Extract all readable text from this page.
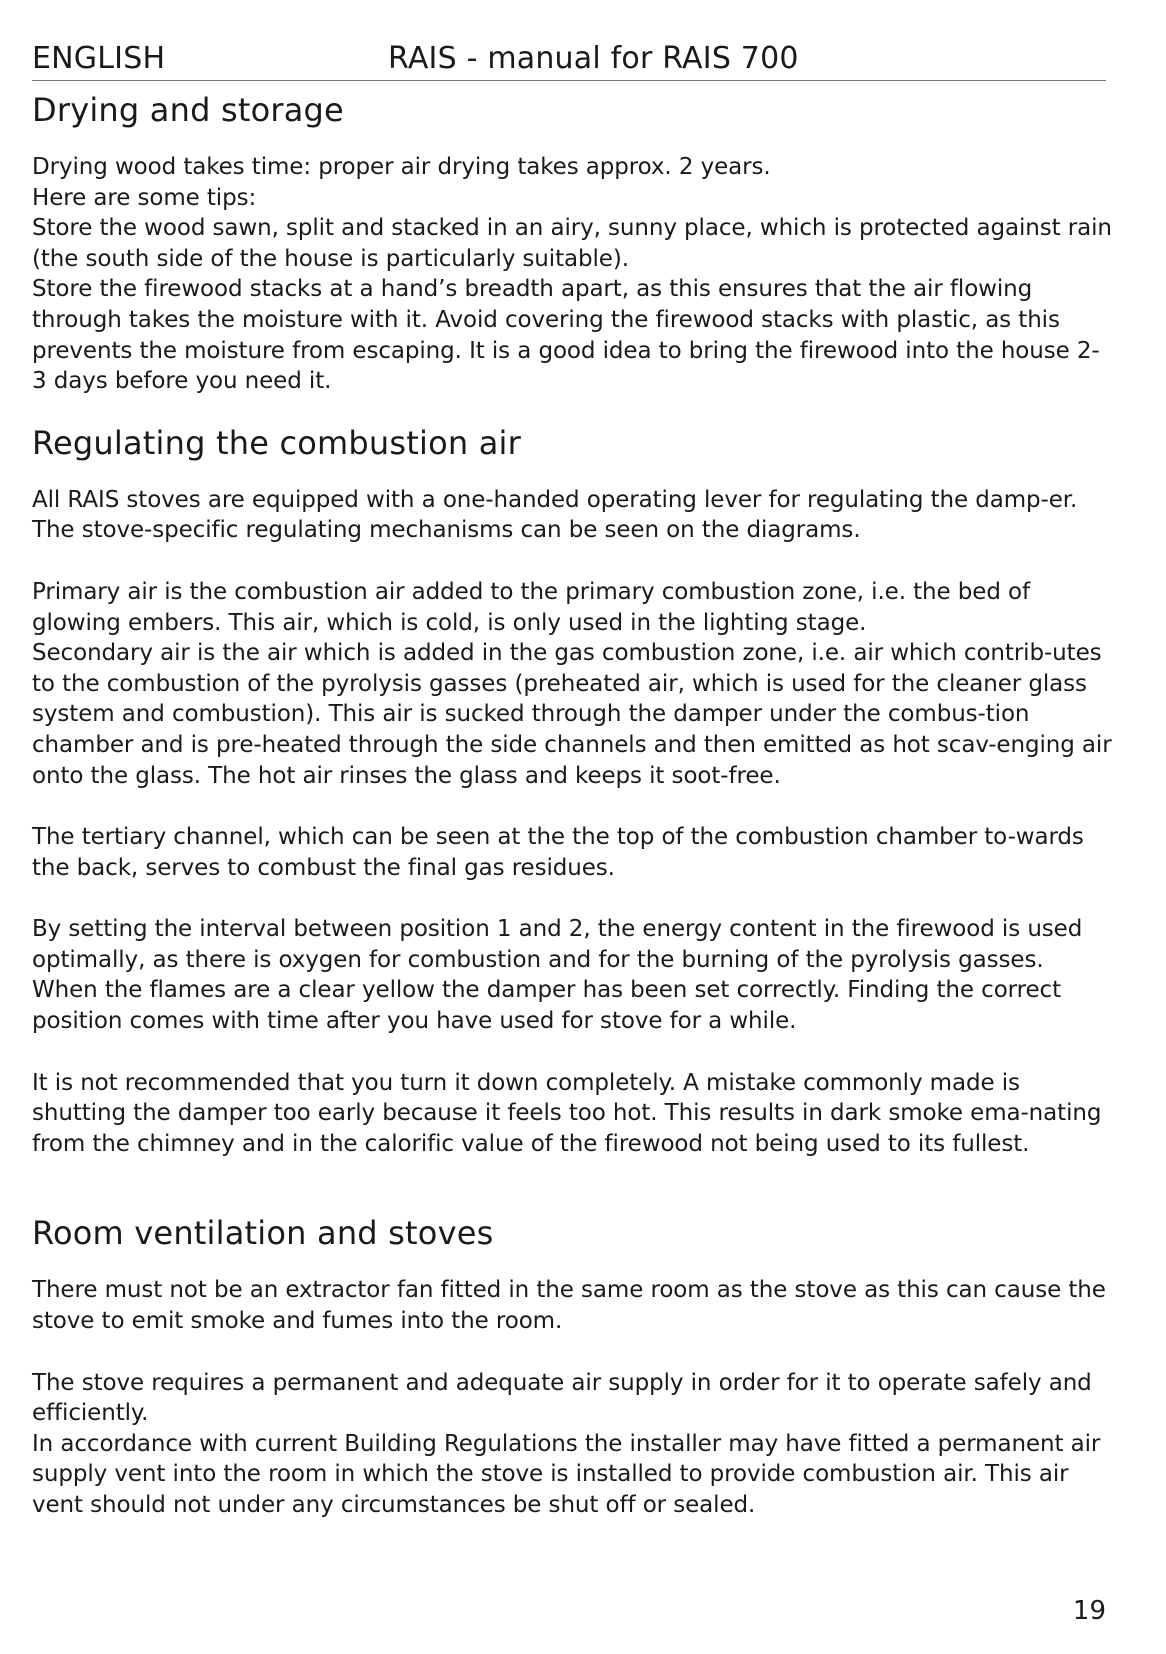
ENGLISH	RAIS - manual for RAIS 700
Drying and storage

Drying wood takes time: proper air drying takes approx. 2 years.

Here are some tips:

Store the wood sawn, split and stacked in an airy, sunny place, which is protected against rain (the south side of the house is particularly suitable).

Store the firewood stacks at a hand’s breadth apart, as this ensures that the air flowing through takes the moisture with it. Avoid covering the firewood stacks with plastic, as this prevents the moisture from escaping. It is a good idea to bring the firewood into the house 2-3 days before you need it.

Regulating the combustion air

All RAIS stoves are equipped with a one-handed operating lever for regulating the damp-er. The stove-specific regulating mechanisms can be seen on the diagrams.

Primary air is the combustion air added to the primary combustion zone, i.e. the bed of glowing embers. This air, which is cold, is only used in the lighting stage.

Secondary air is the air which is added in the gas combustion zone, i.e. air which contrib-utes to the combustion of the pyrolysis gasses (preheated air, which is used for the cleaner glass system and combustion). This air is sucked through the damper under the combus-tion chamber and is pre-heated through the side channels and then emitted as hot scav-enging air onto the glass. The hot air rinses the glass and keeps it soot-free.

The tertiary channel, which can be seen at the the top of the combustion chamber to-wards the back, serves to combust the final gas residues.

By setting the interval between position 1 and 2, the energy content in the firewood is used optimally, as there is oxygen for combustion and for the burning of the pyrolysis gasses. When the flames are a clear yellow the damper has been set correctly. Finding the correct position comes with time after you have used for stove for a while.

It is not recommended that you turn it down completely. A mistake commonly made is shutting the damper too early because it feels too hot. This results in dark smoke ema-nating from the chimney and in the calorific value of the firewood not being used to its fullest.

Room ventilation and stoves

There must not be an extractor fan fitted in the same room as the stove as this can cause the stove to emit smoke and fumes into the room.

The stove requires a permanent and adequate air supply in order for it to operate safely and efficiently.

In accordance with current Building Regulations the installer may have fitted a permanent air supply vent into the room in which the stove is installed to provide combustion air. This air vent should not under any circumstances be shut off or sealed.

19
